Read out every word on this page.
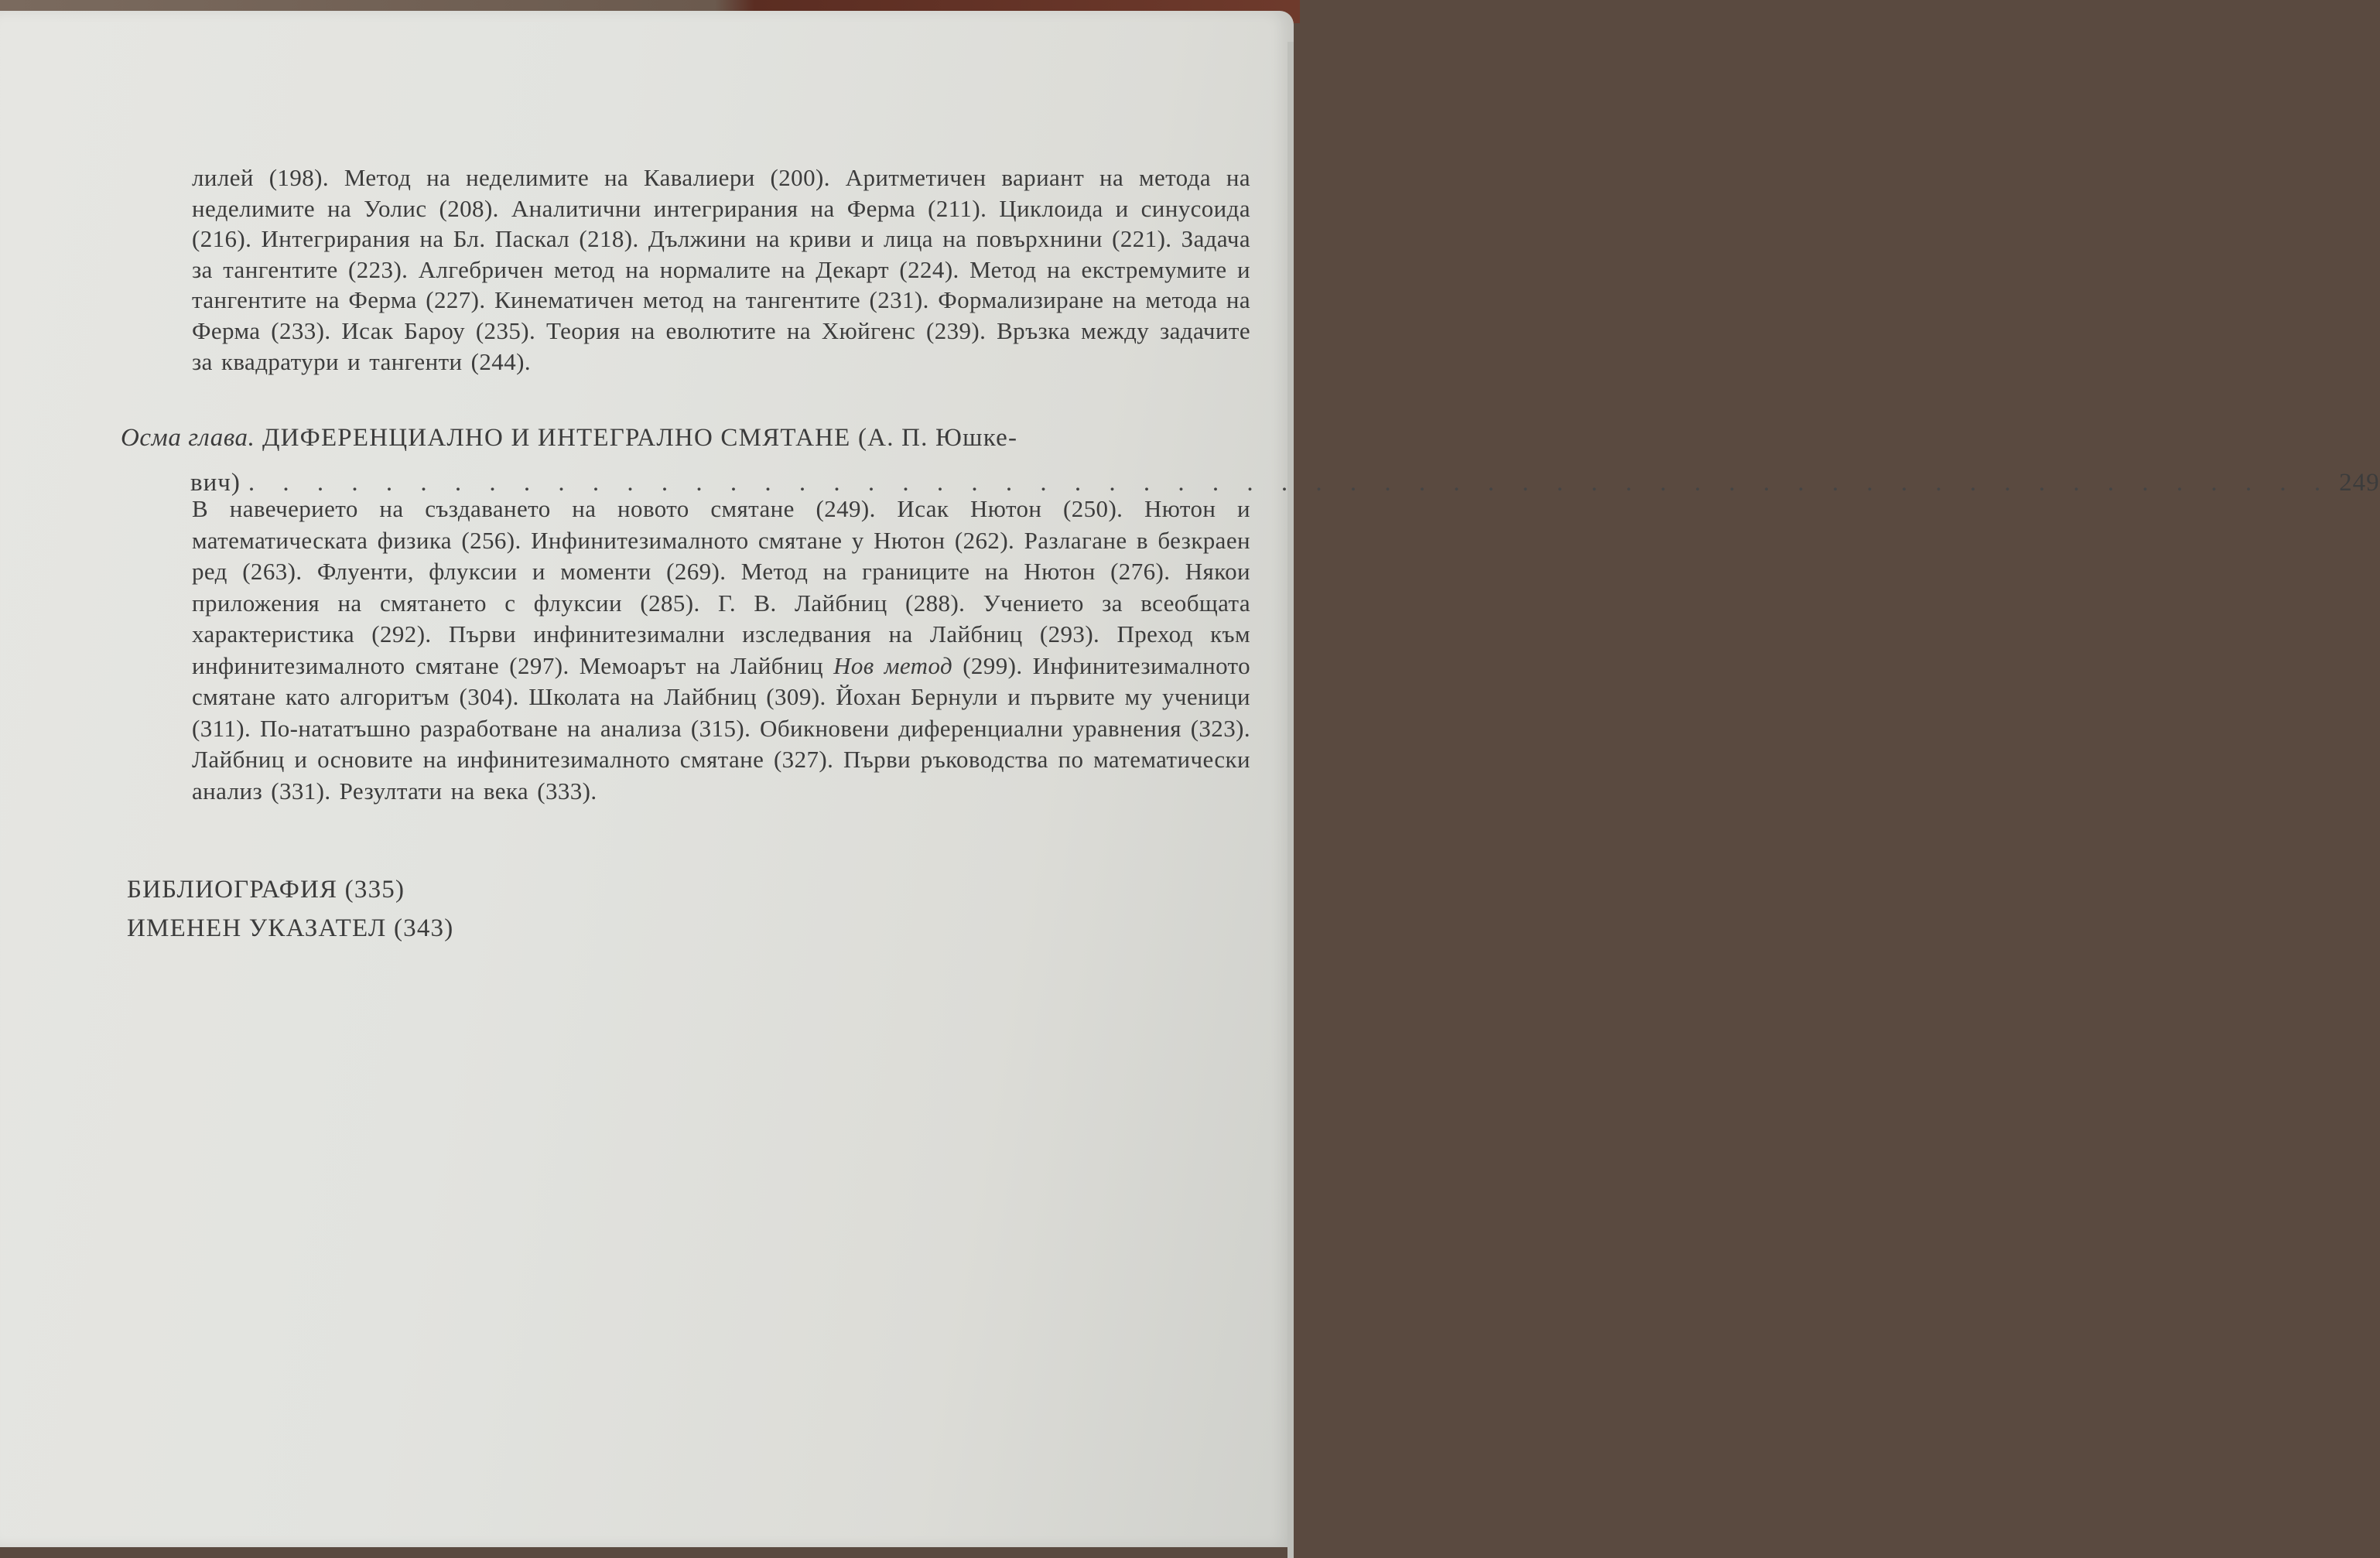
лилей (198). Метод на неделимите на Кавалиери (200). Аритметичен вариант на метода на неделимите на Уолис (208). Аналитични интегрирания на Ферма (211). Циклоида и синусоида (216). Интегрирания на Бл. Паскал (218). Дължини на криви и лица на повърхнини (221). Задача за тангентите (223). Алгебричен метод на нормалите на Декарт (224). Метод на екстремумите и тангентите на Ферма (227). Кинематичен метод на тангентите (231). Формализиране на метода на Ферма (233). Исак Бароу (235). Теория на еволютите на Хюйгенс (239). Връзка между задачите за квадратури и тангенти (244).
Осма глава. ДИФЕРЕНЦИАЛНО И ИНТЕГРАЛНО СМЯТАНЕ (А. П. Юшке-
вич) . . . . . . . . . . . . . . . . . . . . . . . . . . . . . . . . . . . . . . . . . . . . . . . . . . . . . . . . . . . . . 249
В навечерието на създаването на новото смятане (249). Исак Нютон (250). Нютон и математическата физика (256). Инфинитезималното смятане у Нютон (262). Разлагане в безкраен ред (263). Флуенти, флуксии и моменти (269). Метод на границите на Нютон (276). Някои приложения на смятането с флуксии (285). Г. В. Лайбниц (288). Учението за всеобщата характеристика (292). Първи инфинитезимални изследвания на Лайбниц (293). Преход към инфинитезималното смятане (297). Мемоарът на Лайбниц Нов метод (299). Инфинитезималното смятане като алгоритъм (304). Школата на Лайбниц (309). Йохан Бернули и първите му ученици (311). По-нататъшно разработване на анализа (315). Обикновени диференциални уравнения (323). Лайбниц и основите на инфинитезималното смятане (327). Първи ръководства по математически анализ (331). Резултати на века (333).
БИБЛИОГРАФИЯ (335)
ИМЕНЕН УКАЗАТЕЛ (343)
